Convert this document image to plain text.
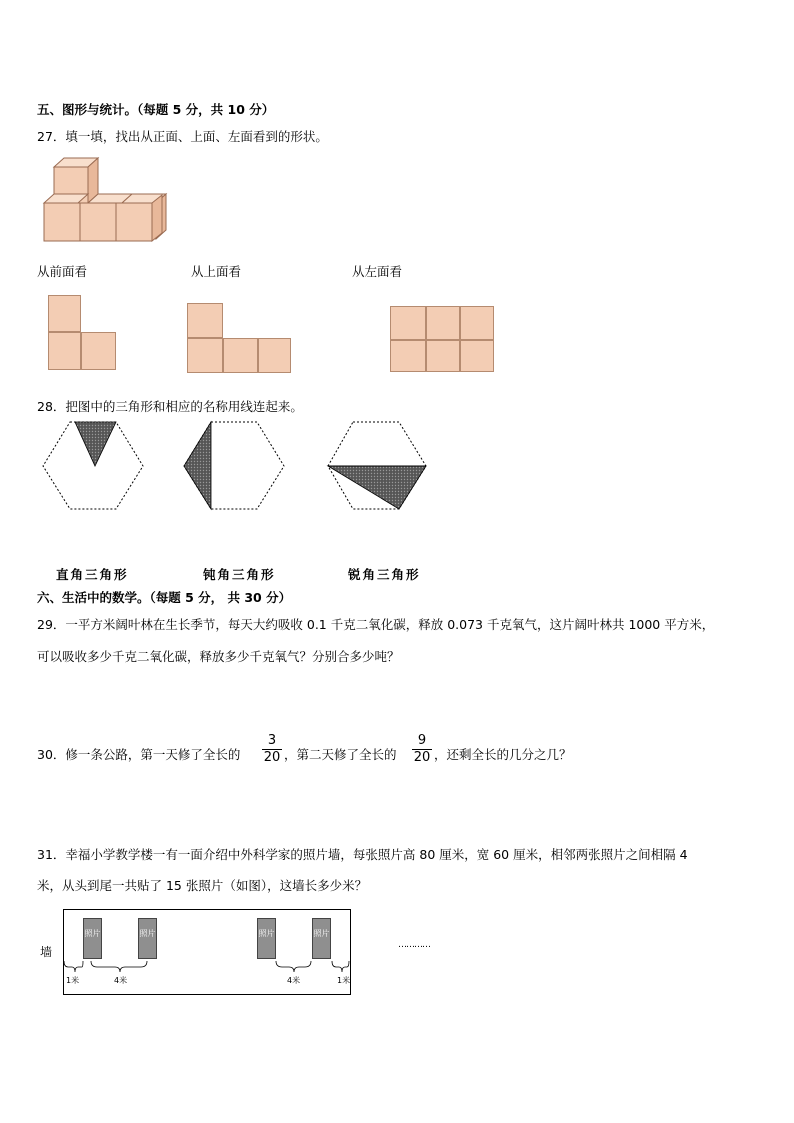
五、图形与统计。（每题 5 分，共 10 分）
27．填一填，找出从正面、上面、左面看到的形状。
从前面看	从上面看	从左面看
28．把图中的三角形和相应的名称用线连起来。
直角三角形	钝角三角形	锐角三角形
六、生活中的数学。（每题 5 分， 共 30 分）
29．一平方米阔叶林在生长季节，每天大约吸收 0.1 千克二氧化碳，释放 0.073 千克氧气，这片阔叶林共 1000 平方米，
可以吸收多少千克二氧化碳，释放多少千克氧气？分别合多少吨？
30．修一条公路，第一天修了全长的 $\frac{3}{20}$ ，第二天修了全长的 $\frac{9}{20}$ ，还剩全长的几分之几？
31．幸福小学教学楼一有一面介绍中外科学家的照片墙，每张照片高 80 厘米，宽 60 厘米，相邻两张照片之间相隔 4
米，从头到尾一共贴了 15 张照片（如图），这墙长多少米？
墙
照片	照片	照片	照片
1米	4米	4米	1米
…………
